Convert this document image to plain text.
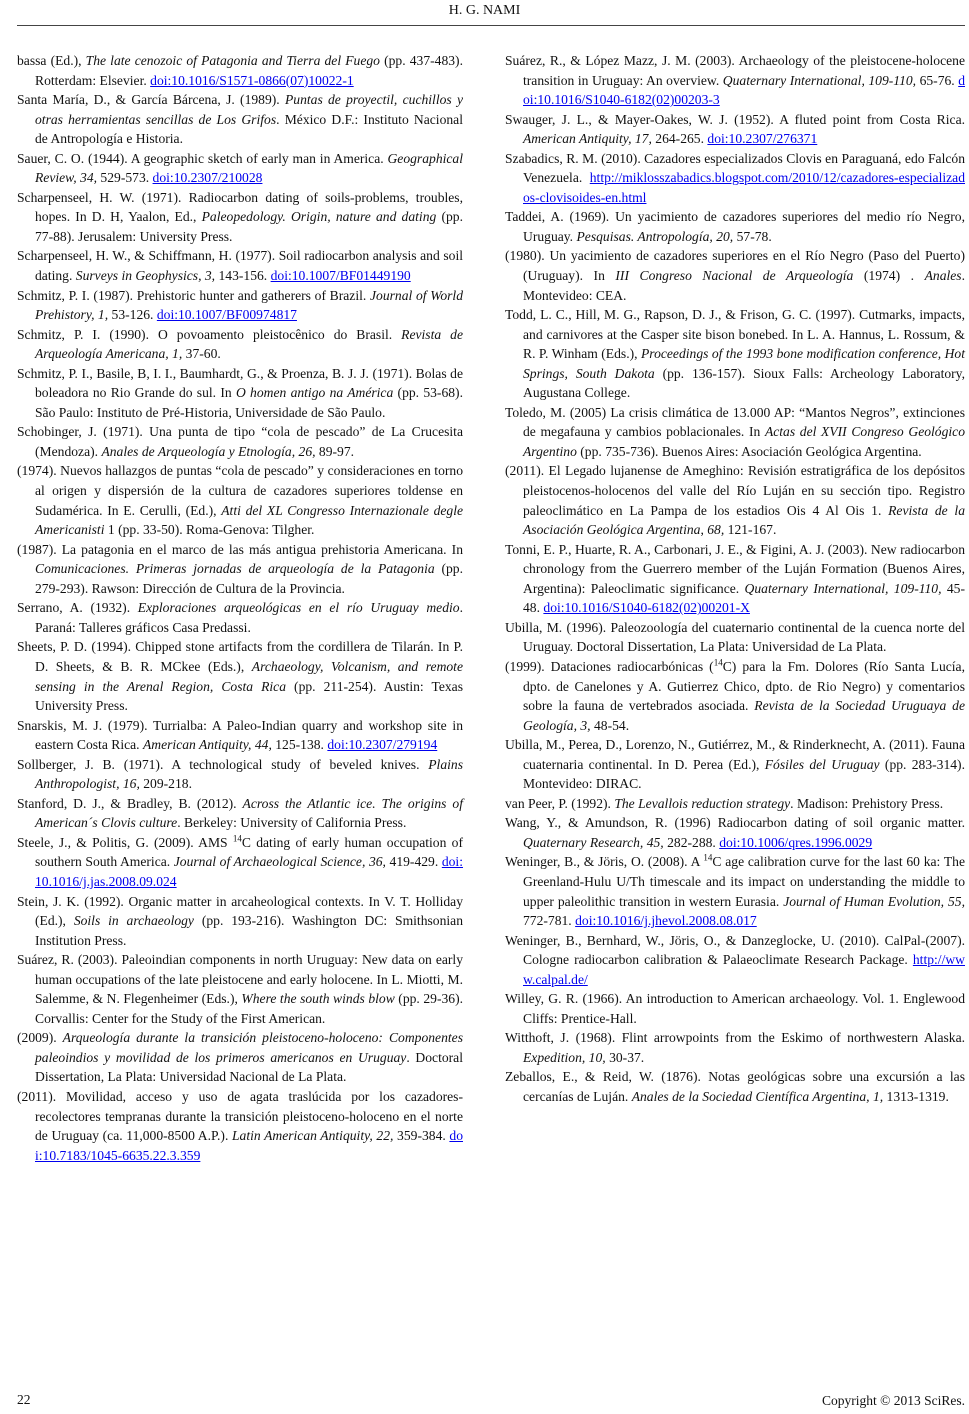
H. G. NAMI

bassa (Ed.), The late cenozoic of Patagonia and Tierra del Fuego (pp. 437-483). Rotterdam: Elsevier. doi:10.1016/S1571-0866(07)10022-1

Santa María, D., & García Bárcena, J. (1989). Puntas de proyectil, cuchillos y otras herramientas sencillas de Los Grifos. México D.F.: Instituto Nacional de Antropología e Historia.

Sauer, C. O. (1944). A geographic sketch of early man in America. Geographical Review, 34, 529-573. doi:10.2307/210028

Scharpenseel, H. W. (1971). Radiocarbon dating of soils-problems, troubles, hopes. In D. H, Yaalon, Ed., Paleopedology. Origin, nature and dating (pp. 77-88). Jerusalem: University Press.

Scharpenseel, H. W., & Schiffmann, H. (1977). Soil radiocarbon analysis and soil dating. Surveys in Geophysics, 3, 143-156. doi:10.1007/BF01449190

Schmitz, P. I. (1987). Prehistoric hunter and gatherers of Brazil. Journal of World Prehistory, 1, 53-126. doi:10.1007/BF00974817

Schmitz, P. I. (1990). O povoamento pleistocênico do Brasil. Revista de Arqueología Americana, 1, 37-60.

Schmitz, P. I., Basile, B, I. I., Baumhardt, G., & Proenza, B. J. J. (1971). Bolas de boleadora no Rio Grande do sul. In O homen antigo na América (pp. 53-68). São Paulo: Instituto de Pré-Historia, Universidade de São Paulo.

Schobinger, J. (1971). Una punta de tipo “cola de pescado” de La Crucesita (Mendoza). Anales de Arqueología y Etnología, 26, 89-97.

(1974). Nuevos hallazgos de puntas “cola de pescado” y consideraciones en torno al origen y dispersión de la cultura de cazadores superiores toldense en Sudamérica. In E. Cerulli, (Ed.), Atti del XL Congresso Internazionale degle Americanisti 1 (pp. 33-50). Roma-Genova: Tilgher.

(1987). La patagonia en el marco de las más antigua prehistoria Americana. In Comunicaciones. Primeras jornadas de arqueología de la Patagonia (pp. 279-293). Rawson: Dirección de Cultura de la Provincia.

Serrano, A. (1932). Exploraciones arqueológicas en el río Uruguay medio. Paraná: Talleres gráficos Casa Predassi.

Sheets, P. D. (1994). Chipped stone artifacts from the cordillera de Tilarán. In P. D. Sheets, & B. R. MCkee (Eds.), Archaeology, Volcanism, and remote sensing in the Arenal Region, Costa Rica (pp. 211-254). Austin: Texas University Press.

Snarskis, M. J. (1979). Turrialba: A Paleo-Indian quarry and workshop site in eastern Costa Rica. American Antiquity, 44, 125-138. doi:10.2307/279194

Sollberger, J. B. (1971). A technological study of beveled knives. Plains Anthropologist, 16, 209-218.

Stanford, D. J., & Bradley, B. (2012). Across the Atlantic ice. The origins of American´s Clovis culture. Berkeley: University of California Press.

Steele, J., & Politis, G. (2009). AMS $^{14}$C dating of early human occupation of southern South America. Journal of Archaeological Science, 36, 419-429. doi:10.1016/j.jas.2008.09.024

Stein, J. K. (1992). Organic matter in arcaheological contexts. In V. T. Holliday (Ed.), Soils in archaeology (pp. 193-216). Washington DC: Smithsonian Institution Press.

Suárez, R. (2003). Paleoindian components in north Uruguay: New data on early human occupations of the late pleistocene and early holocene. In L. Miotti, M. Salemme, & N. Flegenheimer (Eds.), Where the south winds blow (pp. 29-36). Corvallis: Center for the Study of the First American.

(2009). Arqueología durante la transición pleistoceno-holoceno: Componentes paleoindios y movilidad de los primeros americanos en Uruguay. Doctoral Dissertation, La Plata: Universidad Nacional de La Plata.

(2011). Movilidad, acceso y uso de agata traslúcida por los cazadores-recolectores tempranas durante la transición pleistoceno-holoceno en el norte de Uruguay (ca. 11,000-8500 A.P.). Latin American Antiquity, 22, 359-384. doi:10.7183/1045-6635.22.3.359

Suárez, R., & López Mazz, J. M. (2003). Archaeology of the pleistocene-holocene transition in Uruguay: An overview. Quaternary International, 109-110, 65-76. doi:10.1016/S1040-6182(02)00203-3

Swauger, J. L., & Mayer-Oakes, W. J. (1952). A fluted point from Costa Rica. American Antiquity, 17, 264-265. doi:10.2307/276371

Szabadics, R. M. (2010). Cazadores especializados Clovis en Paraguaná, edo Falcón Venezuela. http://miklosszabadics.blogspot.com/2010/12/cazadores-especializados-clovisoides-en.html

Taddei, A. (1969). Un yacimiento de cazadores superiores del medio río Negro, Uruguay. Pesquisas. Antropología, 20, 57-78.

(1980). Un yacimiento de cazadores superiores en el Río Negro (Paso del Puerto) (Uruguay). In III Congreso Nacional de Arqueología (1974) . Anales. Montevideo: CEA.

Todd, L. C., Hill, M. G., Rapson, D. J., & Frison, G. C. (1997). Cutmarks, impacts, and carnivores at the Casper site bison bonebed. In L. A. Hannus, L. Rossum, & R. P. Winham (Eds.), Proceedings of the 1993 bone modification conference, Hot Springs, South Dakota (pp. 136-157). Sioux Falls: Archeology Laboratory, Augustana College.

Toledo, M. (2005) La crisis climática de 13.000 AP: “Mantos Negros”, extinciones de megafauna y cambios poblacionales. In Actas del XVII Congreso Geológico Argentino (pp. 735-736). Buenos Aires: Asociación Geológica Argentina.

(2011). El Legado lujanense de Ameghino: Revisión estratigráfica de los depósitos pleistocenos-holocenos del valle del Río Luján en su sección tipo. Registro paleoclimático en La Pampa de los estadios Ois 4 Al Ois 1. Revista de la Asociación Geológica Argentina, 68, 121-167.

Tonni, E. P., Huarte, R. A., Carbonari, J. E., & Figini, A. J. (2003). New radiocarbon chronology from the Guerrero member of the Luján Formation (Buenos Aires, Argentina): Paleoclimatic significance. Quaternary International, 109-110, 45-48. doi:10.1016/S1040-6182(02)00201-X

Ubilla, M. (1996). Paleozoología del cuaternario continental de la cuenca norte del Uruguay. Doctoral Dissertation, La Plata: Universidad de La Plata.

(1999). Dataciones radiocarbónicas ($^{14}$C) para la Fm. Dolores (Río Santa Lucía, dpto. de Canelones y A. Gutierrez Chico, dpto. de Rio Negro) y comentarios sobre la fauna de vertebrados asociada. Revista de la Sociedad Uruguaya de Geología, 3, 48-54.

Ubilla, M., Perea, D., Lorenzo, N., Gutiérrez, M., & Rinderknecht, A. (2011). Fauna cuaternaria continental. In D. Perea (Ed.), Fósiles del Uruguay (pp. 283-314). Montevideo: DIRAC.

van Peer, P. (1992). The Levallois reduction strategy. Madison: Prehistory Press.

Wang, Y., & Amundson, R. (1996) Radiocarbon dating of soil organic matter. Quaternary Research, 45, 282-288. doi:10.1006/qres.1996.0029

Weninger, B., & Jöris, O. (2008). A $^{14}$C age calibration curve for the last 60 ka: The Greenland-Hulu U/Th timescale and its impact on understanding the middle to upper paleolithic transition in western Eurasia. Journal of Human Evolution, 55, 772-781. doi:10.1016/j.jhevol.2008.08.017

Weninger, B., Bernhard, W., Jöris, O., & Danzeglocke, U. (2010). CalPal-(2007). Cologne radiocarbon calibration & Palaeoclimate Research Package. http://www.calpal.de/

Willey, G. R. (1966). An introduction to American archaeology. Vol. 1. Englewood Cliffs: Prentice-Hall.

Witthoft, J. (1968). Flint arrowpoints from the Eskimo of northwestern Alaska. Expedition, 10, 30-37.

Zeballos, E., & Reid, W. (1876). Notas geológicas sobre una excursión a las cercanías de Luján. Anales de la Sociedad Científica Argentina, 1, 1313-1319.

22	Copyright © 2013 SciRes.
